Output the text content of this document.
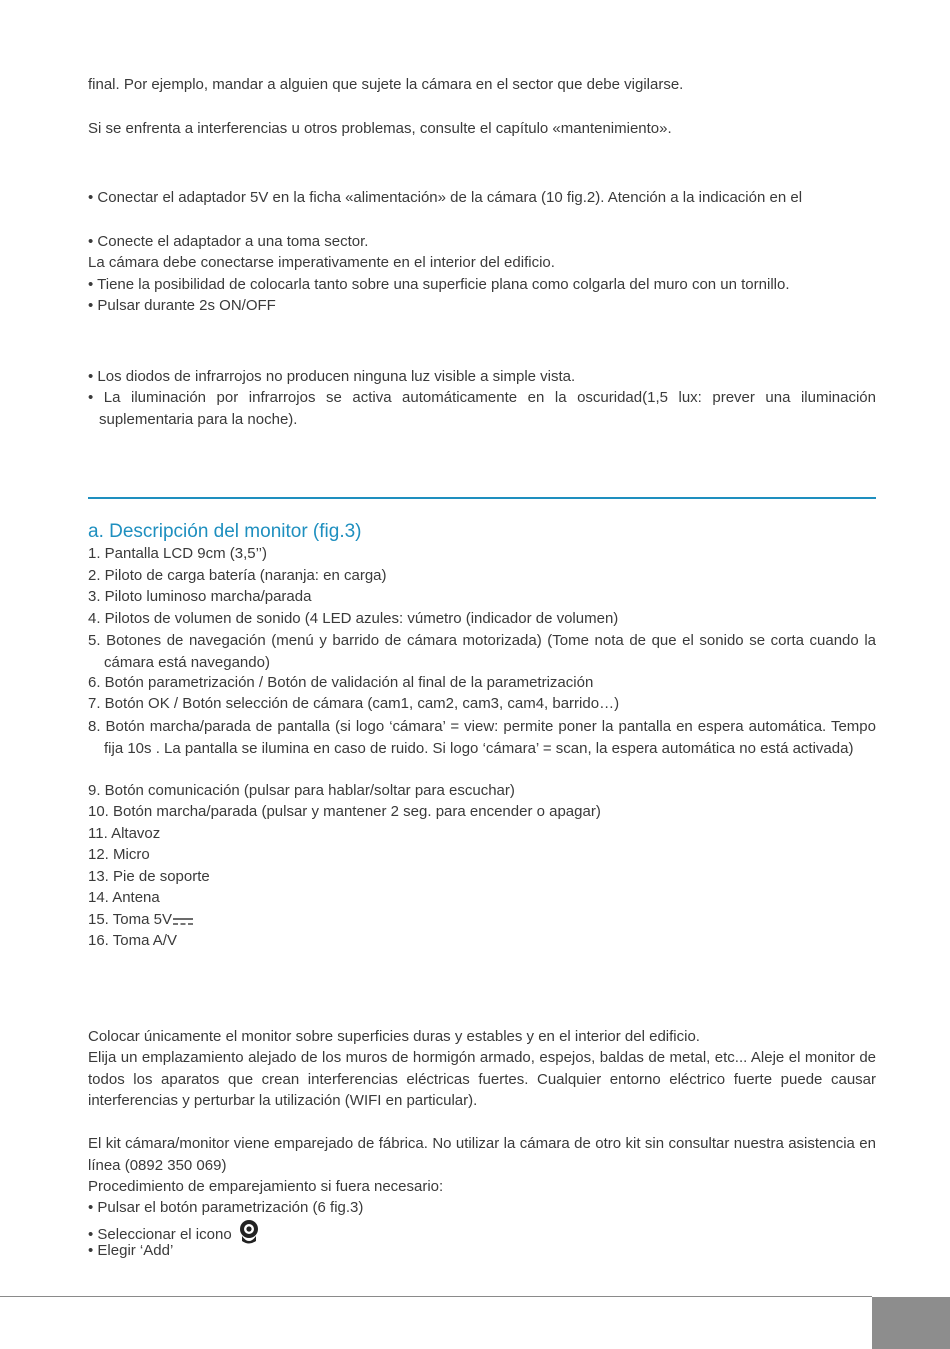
final. Por ejemplo, mandar a alguien que sujete la cámara en el sector que debe vigilarse.
Si se enfrenta a interferencias u otros problemas, consulte el capítulo «mantenimiento».
• Conectar el adaptador 5V en la ficha «alimentación» de la cámara (10 fig.2). Atención a la indicación en el
• Conecte el adaptador a una toma sector.
La cámara debe conectarse imperativamente en el interior del edificio.
• Tiene la posibilidad de colocarla tanto sobre una superficie plana como colgarla del muro con un tornillo.
• Pulsar durante 2s ON/OFF
• Los diodos de infrarrojos no producen ninguna luz visible a simple vista.
• La iluminación por infrarrojos se activa automáticamente en la oscuridad(1,5 lux: prever una iluminación suplementaria para la noche).
a. Descripción del monitor (fig.3)
1. Pantalla LCD 9cm (3,5’’)
2. Piloto de carga batería (naranja: en carga)
3. Piloto luminoso marcha/parada
4. Pilotos de volumen de sonido (4 LED azules: vúmetro (indicador de volumen)
5. Botones de navegación (menú y barrido de cámara motorizada) (Tome nota de que el sonido se corta cuando la cámara está navegando)
6. Botón parametrización / Botón de validación al final de la parametrización
7. Botón OK / Botón selección de cámara (cam1, cam2, cam3, cam4, barrido…)
8. Botón marcha/parada de pantalla (si logo ‘cámara’ = view: permite poner la pantalla en espera automática. Tempo fija 10s . La pantalla se ilumina en caso de ruido. Si logo ‘cámara’ = scan, la espera automática no está activada)
9. Botón comunicación (pulsar para hablar/soltar para escuchar)
10. Botón marcha/parada (pulsar y mantener 2 seg. para encender o apagar)
11. Altavoz
12. Micro
13. Pie de soporte
14. Antena
15. Toma 5V
16. Toma A/V
Colocar únicamente el monitor sobre superficies duras y estables y en el interior del edificio.
Elija un emplazamiento alejado de los muros de hormigón armado, espejos, baldas de metal, etc... Aleje el monitor de todos los aparatos que crean interferencias eléctricas fuertes. Cualquier entorno eléctrico fuerte puede causar interferencias y perturbar la utilización (WIFI en particular).
El kit cámara/monitor viene emparejado de fábrica. No utilizar la cámara de otro kit sin consultar nuestra asistencia en línea (0892 350 069)
Procedimiento de emparejamiento si fuera necesario:
• Pulsar el botón parametrización (6 fig.3)
• Seleccionar el icono
• Elegir ‘Add’
